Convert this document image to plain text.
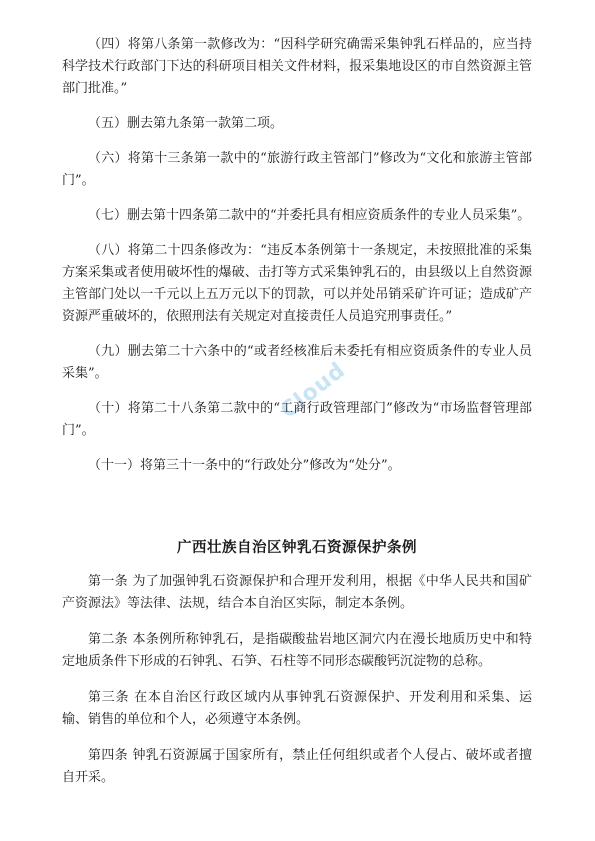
Cloud

（四）将第八条第一款修改为：“因科学研究确需采集钟乳石样品的，应当持科学技术行政部门下达的科研项目相关文件材料，报采集地设区的市自然资源主管部门批准。”

（五）删去第九条第一款第二项。

（六）将第十三条第一款中的“旅游行政主管部门”修改为“文化和旅游主管部门”。

（七）删去第十四条第二款中的“并委托具有相应资质条件的专业人员采集”。

（八）将第二十四条修改为：“违反本条例第十一条规定，未按照批准的采集方案采集或者使用破坏性的爆破、击打等方式采集钟乳石的，由县级以上自然资源主管部门处以一千元以上五万元以下的罚款，可以并处吊销采矿许可证；造成矿产资源严重破坏的，依照刑法有关规定对直接责任人员追究刑事责任。”

（九）删去第二十六条中的“或者经核准后未委托有相应资质条件的专业人员采集”。

（十）将第二十八条第二款中的“工商行政管理部门”修改为“市场监督管理部门”。

（十一）将第三十一条中的“行政处分”修改为“处分”。

广西壮族自治区钟乳石资源保护条例

第一条 为了加强钟乳石资源保护和合理开发利用，根据《中华人民共和国矿产资源法》等法律、法规，结合本自治区实际，制定本条例。

第二条 本条例所称钟乳石，是指碳酸盐岩地区洞穴内在漫长地质历史中和特定地质条件下形成的石钟乳、石笋、石柱等不同形态碳酸钙沉淀物的总称。

第三条 在本自治区行政区域内从事钟乳石资源保护、开发利用和采集、运输、销售的单位和个人，必须遵守本条例。

第四条 钟乳石资源属于国家所有，禁止任何组织或者个人侵占、破坏或者擅自开采。
